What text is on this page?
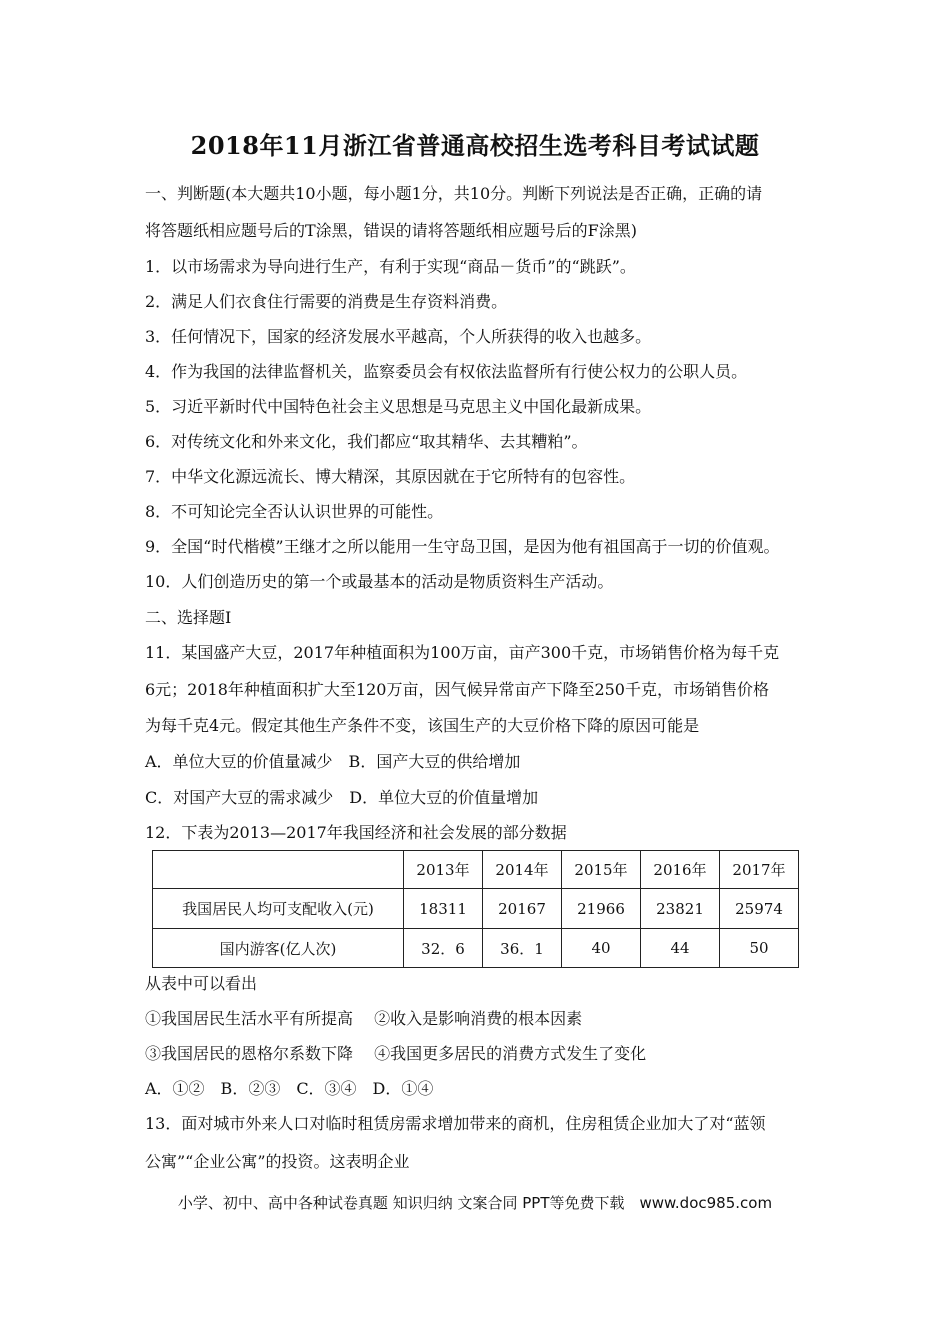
2018年11月浙江省普通高校招生选考科目考试试题
一、判断题(本大题共10小题，每小题1分，共10分。判断下列说法是否正确，正确的请
将答题纸相应题号后的T涂黑，错误的请将答题纸相应题号后的F涂黑)
1．以市场需求为导向进行生产，有利于实现“商品－货币”的“跳跃”。
2．满足人们衣食住行需要的消费是生存资料消费。
3．任何情况下，国家的经济发展水平越高，个人所获得的收入也越多。
4．作为我国的法律监督机关，监察委员会有权依法监督所有行使公权力的公职人员。
5．习近平新时代中国特色社会主义思想是马克思主义中国化最新成果。
6．对传统文化和外来文化，我们都应“取其精华、去其糟粕”。
7．中华文化源远流长、博大精深，其原因就在于它所特有的包容性。
8．不可知论完全否认认识世界的可能性。
9．全国“时代楷模”王继才之所以能用一生守岛卫国，是因为他有祖国高于一切的价值观。
10．人们创造历史的第一个或最基本的活动是物质资料生产活动。
二、选择题Ⅰ
11．某国盛产大豆，2017年种植面积为100万亩，亩产300千克，市场销售价格为每千克
6元；2018年种植面积扩大至120万亩，因气候异常亩产下降至250千克，市场销售价格
为每千克4元。假定其他生产条件不变，该国生产的大豆价格下降的原因可能是
A．单位大豆的价值量减少　B．国产大豆的供给增加
C．对国产大豆的需求减少　D．单位大豆的价值量增加
12．下表为2013—2017年我国经济和社会发展的部分数据
	2013年	2014年	2015年	2016年	2017年
我国居民人均可支配收入(元)	18311	20167	21966	23821	25974
国内游客(亿人次)	32．6	36．1	40	44	50
从表中可以看出
①我国居民生活水平有所提高　 ②收入是影响消费的根本因素
③我国居民的恩格尔系数下降　 ④我国更多居民的消费方式发生了变化
A．①②　B．②③　C．③④　D．①④
13．面对城市外来人口对临时租赁房需求增加带来的商机，住房租赁企业加大了对“蓝领
公寓”“企业公寓”的投资。这表明企业
小学、初中、高中各种试卷真题 知识归纳 文案合同 PPT等免费下载　www.doc985.com
